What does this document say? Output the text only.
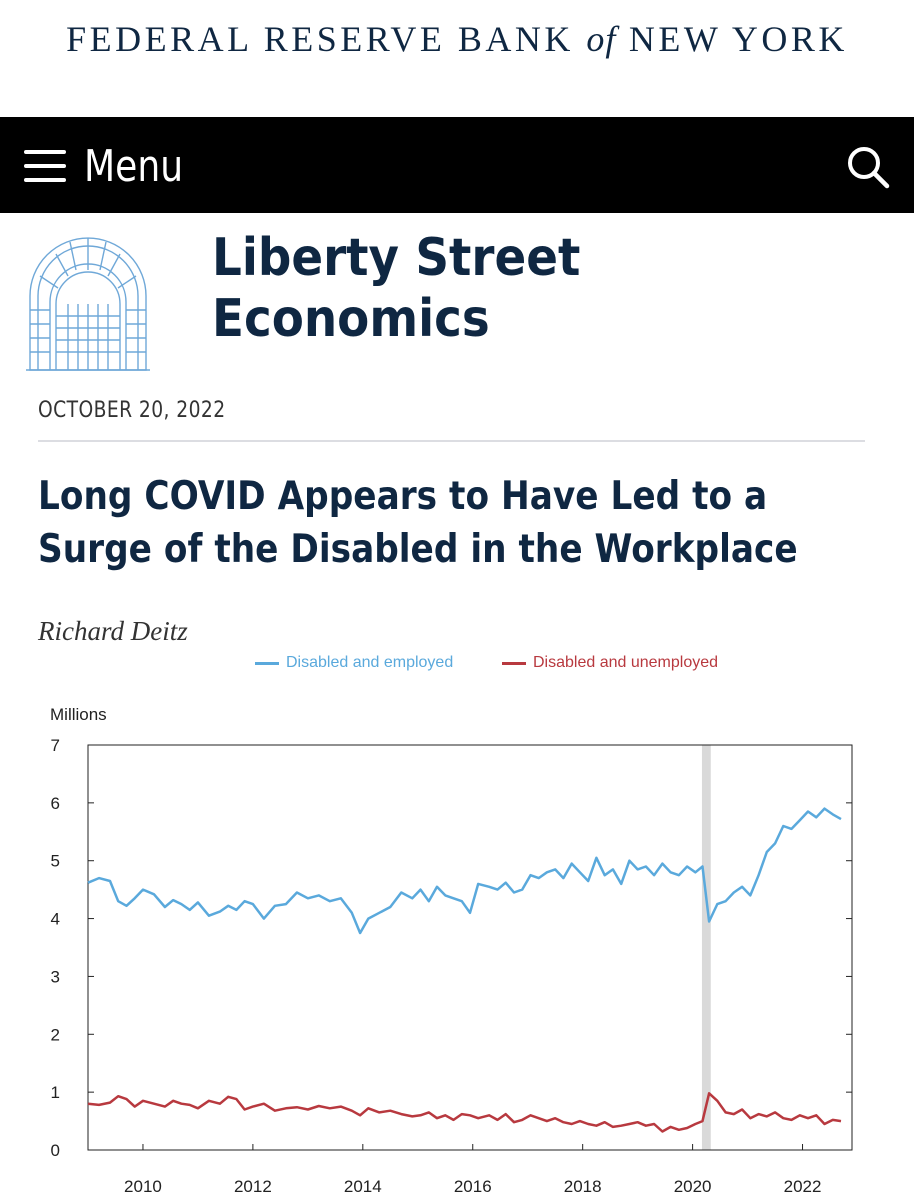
FEDERAL RESERVE BANK of NEW YORK
Menu
Liberty Street
Economics
OCTOBER 20, 2022
Long COVID Appears to Have Led to a
Surge of the Disabled in the Workplace
Richard Deitz
Disabled and employed	Disabled and unemployed
Millions
0
1
2
3
4
5
6
7
2010	2012	2014	2016	2018	2020	2022
